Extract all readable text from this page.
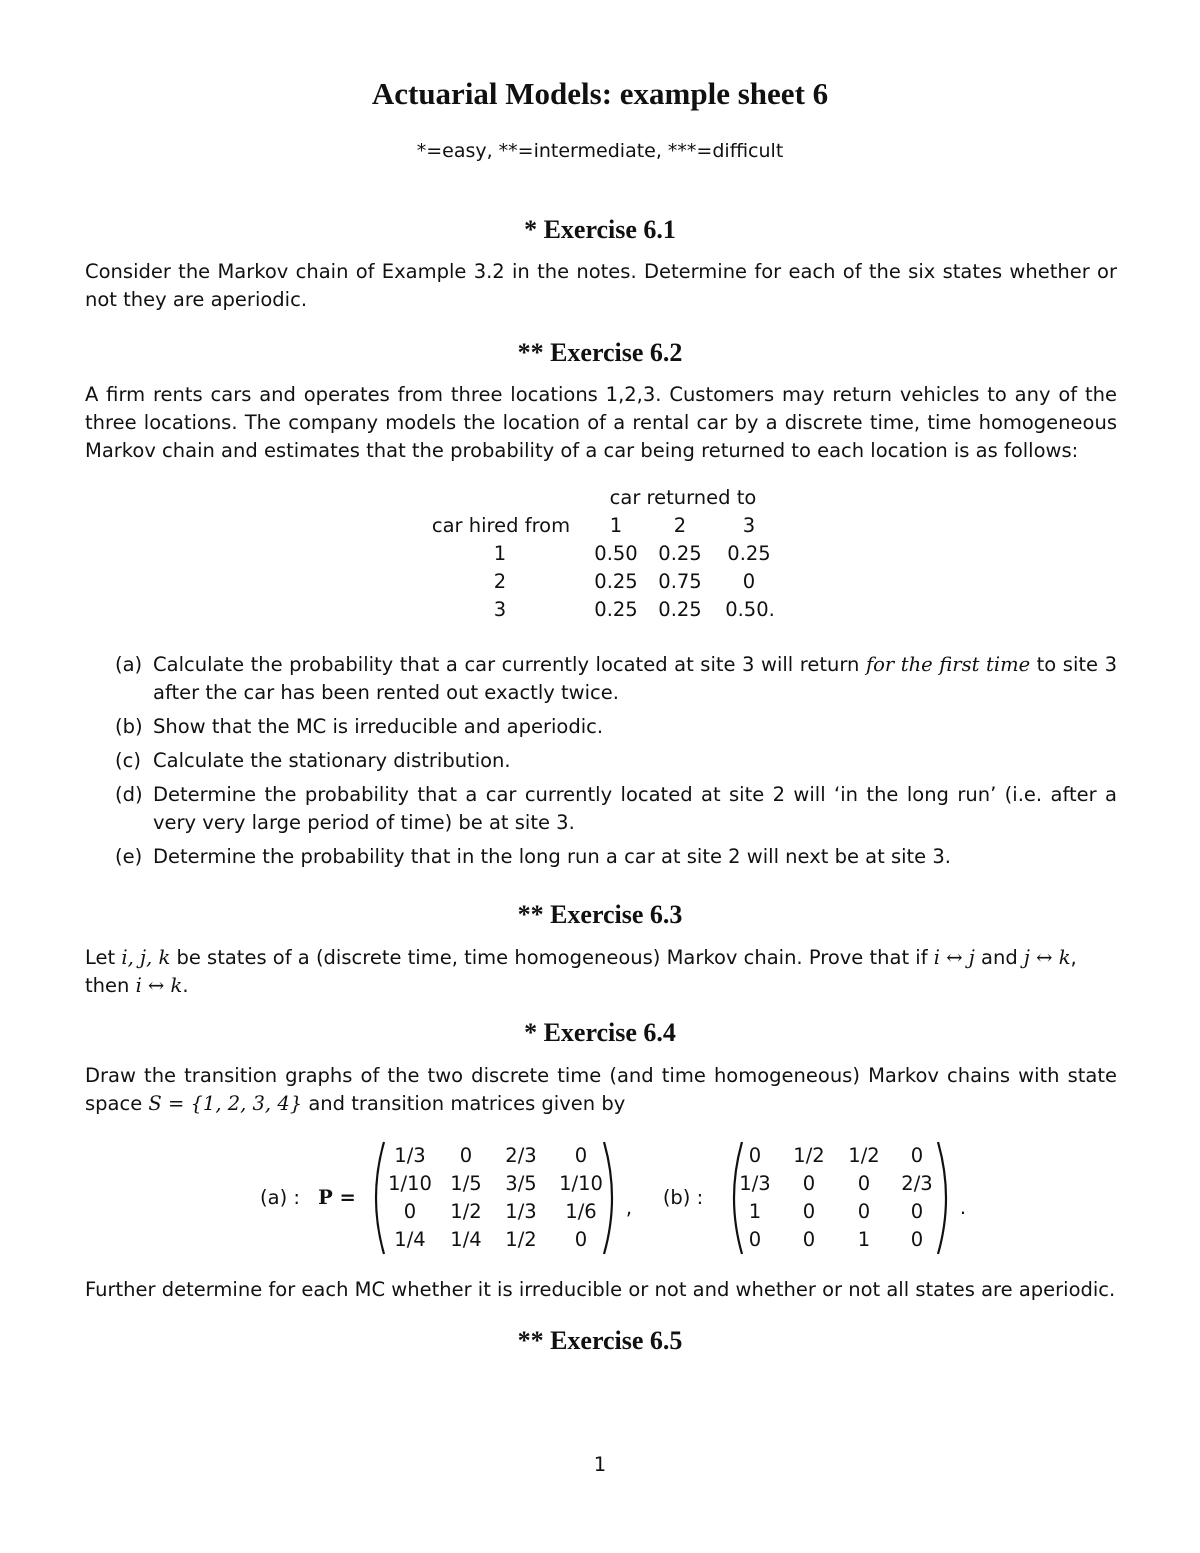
Actuarial Models: example sheet 6
*=easy, **=intermediate, ***=difficult
* Exercise 6.1
Consider the Markov chain of Example 3.2 in the notes. Determine for each of the six states whether or not they are aperiodic.
** Exercise 6.2
A firm rents cars and operates from three locations 1,2,3. Customers may return vehicles to any of the three locations. The company models the location of a rental car by a discrete time, time homogeneous Markov chain and estimates that the probability of a car being returned to each location is as follows:
car returned to
car hired from	1	2	3
1	0.50 0.25 0.25
2	0.25 0.75	0
3	0.25 0.25 0.50.
(a) Calculate the probability that a car currently located at site 3 will return for the first time to site 3 after the car has been rented out exactly twice.
(b) Show that the MC is irreducible and aperiodic.
(c) Calculate the stationary distribution.
(d) Determine the probability that a car currently located at site 2 will ‘in the long run’ (i.e. after a very very large period of time) be at site 3.
(e) Determine the probability that in the long run a car at site 2 will next be at site 3.
** Exercise 6.3
Let i, j, k be states of a (discrete time, time homogeneous) Markov chain. Prove that if i ↔ j and j ↔ k,
then i ↔ k.
* Exercise 6.4
Draw the transition graphs of the two discrete time (and time homogeneous) Markov chains with state space S = {1, 2, 3, 4} and transition matrices given by
(a) : P =	,	(b) :	.
1/3	0	2/3	0
1/10 1/5	3/5	1/10
0	1/2	1/3	1/6
1/4	1/4	1/2	0
0	1/2	1/2	0
1/3	0	0	2/3
1	0	0	0
0	0	1	0
Further determine for each MC whether it is irreducible or not and whether or not all states are aperiodic.
** Exercise 6.5
1
